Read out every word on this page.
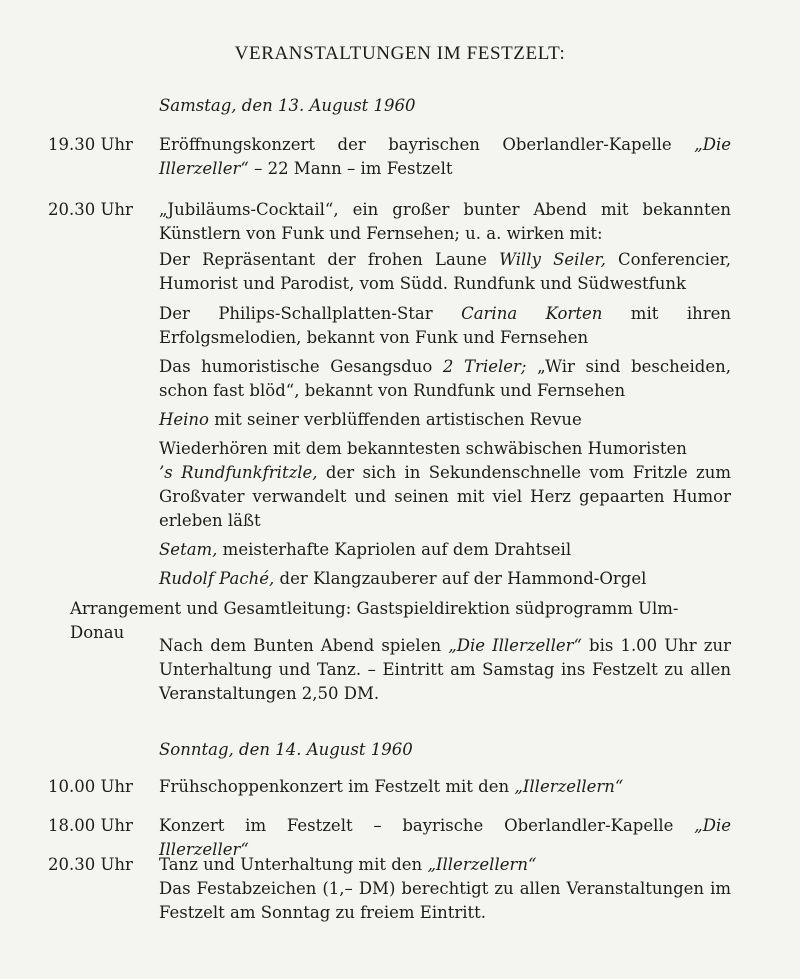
VERANSTALTUNGEN IM FESTZELT:
Samstag, den 13. August 1960
19.30 Uhr	Eröffnungskonzert der bayrischen Oberlandler-Kapelle „Die Illerzeller“ – 22 Mann – im Festzelt
20.30 Uhr	„Jubiläums-Cocktail“, ein großer bunter Abend mit bekannten Künstlern von Funk und Fernsehen; u. a. wirken mit:
Der Repräsentant der frohen Laune Willy Seiler, Conferencier, Humorist und Parodist, vom Südd. Rundfunk und Südwestfunk
Der Philips-Schallplatten-Star Carina Korten mit ihren Erfolgsmelodien, bekannt von Funk und Fernsehen
Das humoristische Gesangsduo 2 Trieler; „Wir sind bescheiden, schon fast blöd“, bekannt von Rundfunk und Fernsehen
Heino mit seiner verblüffenden artistischen Revue
Wiederhören mit dem bekanntesten schwäbischen Humoristen
’s Rundfunkfritzle, der sich in Sekundenschnelle vom Fritzle zum Großvater verwandelt und seinen mit viel Herz gepaarten Humor erleben läßt
Setam, meisterhafte Kapriolen auf dem Drahtseil
Rudolf Paché, der Klangzauberer auf der Hammond-Orgel
Arrangement und Gesamtleitung: Gastspieldirektion südprogramm Ulm-Donau
Nach dem Bunten Abend spielen „Die Illerzeller“ bis 1.00 Uhr zur Unterhaltung und Tanz. – Eintritt am Samstag ins Festzelt zu allen Veranstaltungen 2,50 DM.
Sonntag, den 14. August 1960
10.00 Uhr	Frühschoppenkonzert im Festzelt mit den „Illerzellern“
18.00 Uhr	Konzert im Festzelt – bayrische Oberlandler-Kapelle „Die Illerzeller“
20.30 Uhr	Tanz und Unterhaltung mit den „Illerzellern“
Das Festabzeichen (1,– DM) berechtigt zu allen Veranstaltungen im Festzelt am Sonntag zu freiem Eintritt.
